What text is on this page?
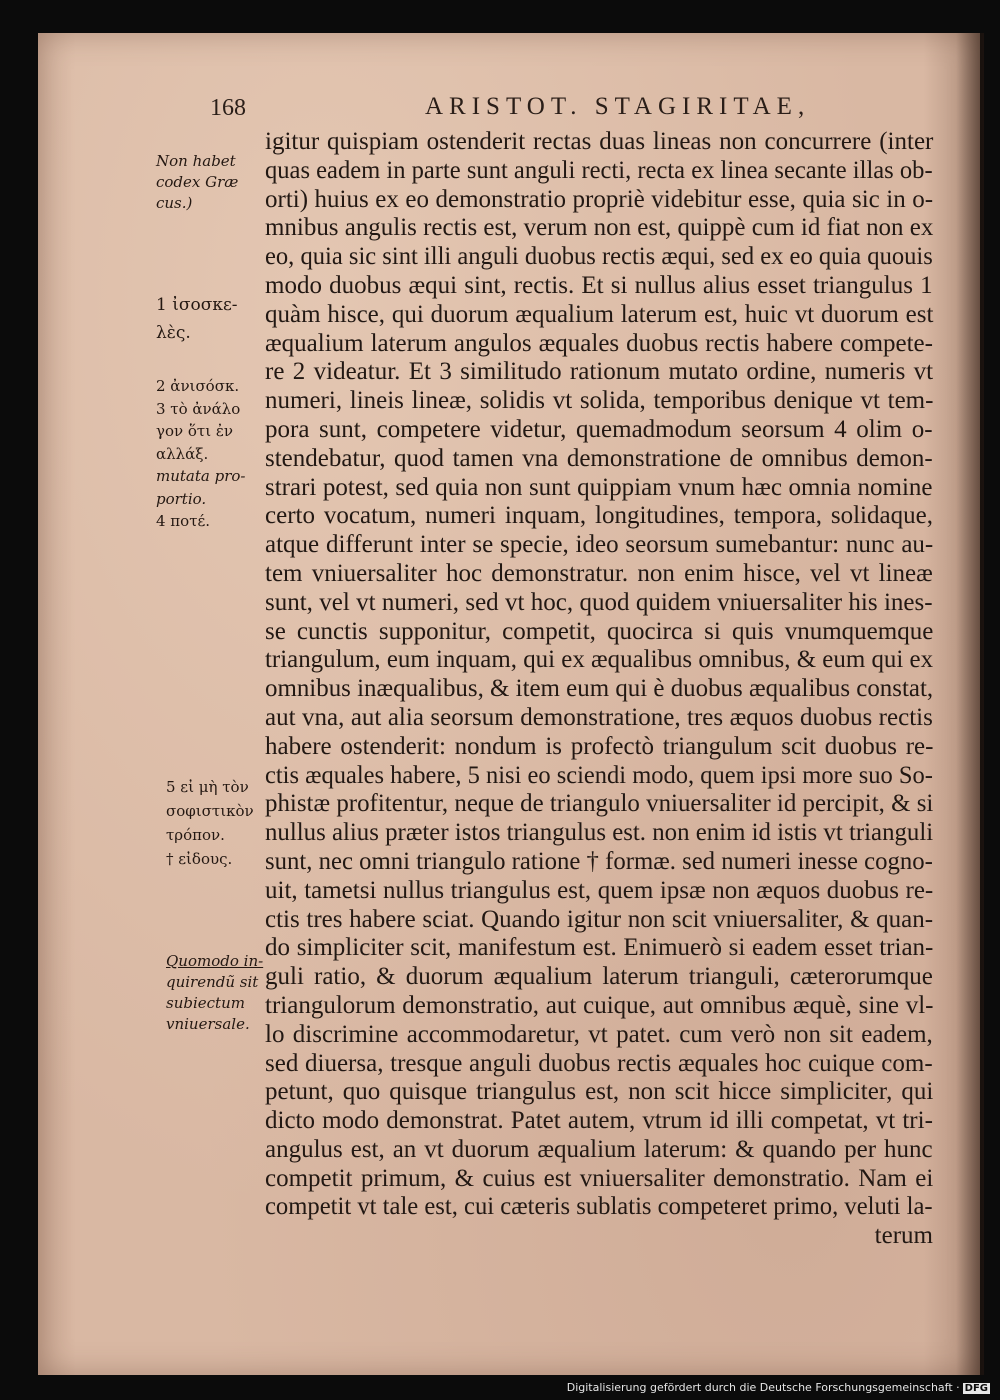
168	ARISTOT. STAGIRITAE,
igitur quispiam ostenderit rectas duas lineas non concurrere (inter
quas eadem in parte sunt anguli recti, recta ex linea secante illas ob-
orti) huius ex eo demonstratio propriè videbitur esse, quia sic in o-
mnibus angulis rectis est, verum non est, quippè cum id fiat non ex
eo, quia sic sint illi anguli duobus rectis æqui, sed ex eo quia quouis
modo duobus æqui sint, rectis. Et si nullus alius esset triangulus 1
quàm hisce, qui duorum æqualium laterum est, huic vt duorum est
æqualium laterum angulos æquales duobus rectis habere compete-
re 2 videatur. Et 3 similitudo rationum mutato ordine, numeris vt
numeri, lineis lineæ, solidis vt solida, temporibus denique vt tem-
pora sunt, competere videtur, quemadmodum seorsum 4 olim o-
stendebatur, quod tamen vna demonstratione de omnibus demon-
strari potest, sed quia non sunt quippiam vnum hæc omnia nomine
certo vocatum, numeri inquam, longitudines, tempora, solidaque,
atque differunt inter se specie, ideo seorsum sumebantur: nunc au-
tem vniuersaliter hoc demonstratur. non enim hisce, vel vt lineæ
sunt, vel vt numeri, sed vt hoc, quod quidem vniuersaliter his ines-
se cunctis supponitur, competit, quocirca si quis vnumquemque
triangulum, eum inquam, qui ex æqualibus omnibus, & eum qui ex
omnibus inæqualibus, & item eum qui è duobus æqualibus constat,
aut vna, aut alia seorsum demonstratione, tres æquos duobus rectis
habere ostenderit: nondum is profectò triangulum scit duobus re-
ctis æquales habere, 5 nisi eo sciendi modo, quem ipsi more suo So-
phistæ profitentur, neque de triangulo vniuersaliter id percipit, & si
nullus alius præter istos triangulus est. non enim id istis vt trianguli
sunt, nec omni triangulo ratione † formæ. sed numeri inesse cogno-
uit, tametsi nullus triangulus est, quem ipsæ non æquos duobus re-
ctis tres habere sciat. Quando igitur non scit vniuersaliter, & quan-
do simpliciter scit, manifestum est. Enimuerò si eadem esset trian-
guli ratio, & duorum æqualium laterum trianguli, cæterorumque
triangulorum demonstratio, aut cuique, aut omnibus æquè, sine vl-
lo discrimine accommodaretur, vt patet. cum verò non sit eadem,
sed diuersa, tresque anguli duobus rectis æquales hoc cuique com-
petunt, quo quisque triangulus est, non scit hicce simpliciter, qui
dicto modo demonstrat. Patet autem, vtrum id illi competat, vt tri-
angulus est, an vt duorum æqualium laterum: & quando per hunc
competit primum, & cuius est vniuersaliter demonstratio. Nam ei
competit vt tale est, cui cæteris sublatis competeret primo, veluti la-
terum
Non habet
codex Græ
cus.)
1 ἰσοσκε-
λὲς.
2 ἀνισόσκ.
3 τὸ ἀνάλο
γον ὅτι ἐν
αλλάξ.
mutata pro-
portio.
4 ποτέ.
5 εἰ μὴ τὸν
σοφιστικὸν
τρόπον.
† εἰδους.
Quomodo in-
quirendũ sit
subiectum
vniuersale.
Digitalisierung gefördert durch die Deutsche Forschungsgemeinschaft · DFG
